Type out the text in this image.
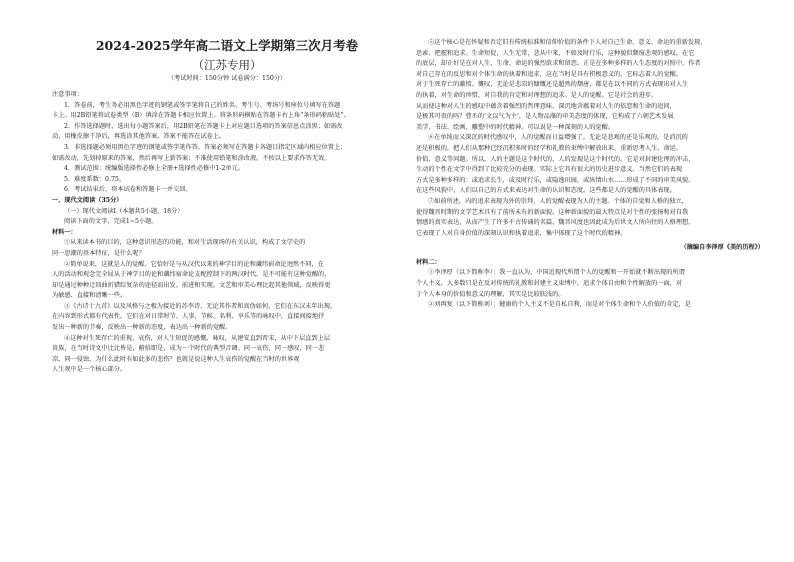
2024-2025学年高二语文上学期第三次月考卷

（江苏专用）

（考试时间：150分钟 试卷满分：150分）

注意事项：
1．答卷前，考生务必用黑色字迹的钢笔或签字笔将自己的姓名、考生号、考场号和座位号填写在答题
卡上。用2B铅笔将试卷类型（B）填涂在答题卡相应位置上。将条形码横贴在答题卡右上角“条形码粘贴处”。
2．作答选择题时，选出每小题答案后，用2B铅笔在答题卡上对应题目选项的答案信息点涂黑；如需改
动，用橡皮擦干净后，再选涂其他答案。答案不能答在试卷上。
3．非选择题必须用黑色字迹的钢笔或签字笔作答，答案必须写在答题卡各题目指定区域内相应位置上；
如需改动，先划掉原来的答案，然后再写上新答案；不准使用铅笔和涂改液。不按以上要求作答无效。
4．测试范围：统编版选择性必修上全册+选择性必修中1-2单元。
5．难度系数：0.75。
6．考试结束后，将本试卷和答题卡一并交回。
一、现代文阅读（35分）
（一）现代文阅读Ⅰ（本题共5小题，18分）
阅读下面的文字，完成1~5小题。
材料一：
①从来读本书的目的，这种意识形态的功能，和对生活现场的有关认识，构成了文学史的
同一思潮的基本特征，是什么呢？
②简单说来，这就是人的觉醒。它恰好是与从汉代以来的神学目的论和谶纬宿命论迥然不同，在
人的活动和观念完全屈从于神学目的论和谶纬宿命论支配控制下的两汉时代，是不可能有这种觉醒的，
却是通过种种迂回曲折错综复杂的途径而出发、前进和实现。文艺和审美心理比起其他领域，反映得更
为敏感、直接和清晰一些。
③《古诗十九首》以及风格与之极为接近的苏李诗，无论其作者和真伪如何，它们在东汉末年出现，
在内容到形式都有代表性。它们在对日常时节、人事、节候、名利、享乐等的咏叹中，直接间接地抒
发出一种新的节奏，反映出一种新的态度，表达出一种新的觉醒。
④这种对生死存亡的重视、哀伤，对人生短促的感慨、咏叹，从建安直到晋宋，从中下层直到上层
贵族，在当时诗文中比比皆是，俯拾即是，成为一个时代的典型音调。同一哀伤，同一感叹，同一悲
凉，同一侵蚀，为什么此时有如此多的悲伤？也就是说这种人生哀伤的觉醒在当时的世界观
人生观中是一个核心部分。
⑤这个核心是在怀疑和否定旧有传统标准和信仰价值的条件下人对自己生命、意义、命运的重新发现、
思索、把握和追求。生命短促，人生无常，悲从中来，不如及时行乐，这种貌似颓废悲观的感叹，在它
的底层，却正好是在对人生、生命、命运的强烈欲求和留恋。正是在多种多样的人生态度的对照中，作者
对自己存在的反思和对个体生命的执着和追求，这在当时是具有积极意义的，它标志着人的觉醒。
对于生死存亡的激愤、慨叹，无论是悲凉的慷慨还是超然的颓唐，都是在以不同的方式表现出对人生
的执着，对生命的珍惜，对自我的肯定和对理想的追求。是人的觉醒。它是社会的进步。
从而使这种对人生的感叹中蕴含着强烈的哲理意味，深沉地含蕴着对人生的依恋和生命的追问，
是极其可贵的吗？曹丕的‘文以气为主’，是人物品藻的审美态度的体现，它构成了六朝艺术发展
美学、书法、绘画、雕塑中的时代精神。可以说是一种深刻的人的觉醒。
⑥在单纯而又深沉的时代感叹中，人的觉醒而日益增强了。无论是悲观的还是乐观的，是消沉的
还是积极的，把人们从那种已经沉积多时的经学和礼教的束缚中解放出来，重新思考人生、命运、
价值、意义等问题。所以，人的主题是这个时代的，人的发现是这个时代的。它是对封建伦理的冲击，
生动的个性在文学中得到了比较充分的表现。实际上它具有很大的历史进步意义。当然它们的表现
方式是多种多样的：或追求长生，或及时行乐，或隐逸田园，或纵情山水……形成了不同的审美风貌。
在这些风貌中，人们以自己的方式来表达对生命的认识和态度，这些都是人的觉醒的具体表现。
⑦如前所述，内的追求表现为外的崇拜，人的觉醒表现为人的主题。个体的自觉和人格的独立，
使得魏晋时期的文学艺术具有了前所未有的新面貌。这种新面貌的最大特点是对个性的张扬和对自我
情感的真实表达，从而产生了许多千古传诵的名篇，魏晋风度也因此成为后世文人所向往的人格理想。
它表现了人对自身价值的深刻认识和执着追求，集中体现了这个时代的精神。
（摘编自李泽厚《美的历程》）
材料二：
①李泽厚（以下简称李）：我一直认为，中国近现代所谓个人的觉醒和一开始就不断出现的所谓
个人主义，大多数只是在反对传统的礼教和封建主义束缚中，追求个体自由和个性解放的一面，对
于个人本身的价值和意义的理解，其实是比较肤浅的。
②刘再复（以下简称刘）：健康的个人主义不是自私自利，而是对个体生命和个人价值的肯定，是
